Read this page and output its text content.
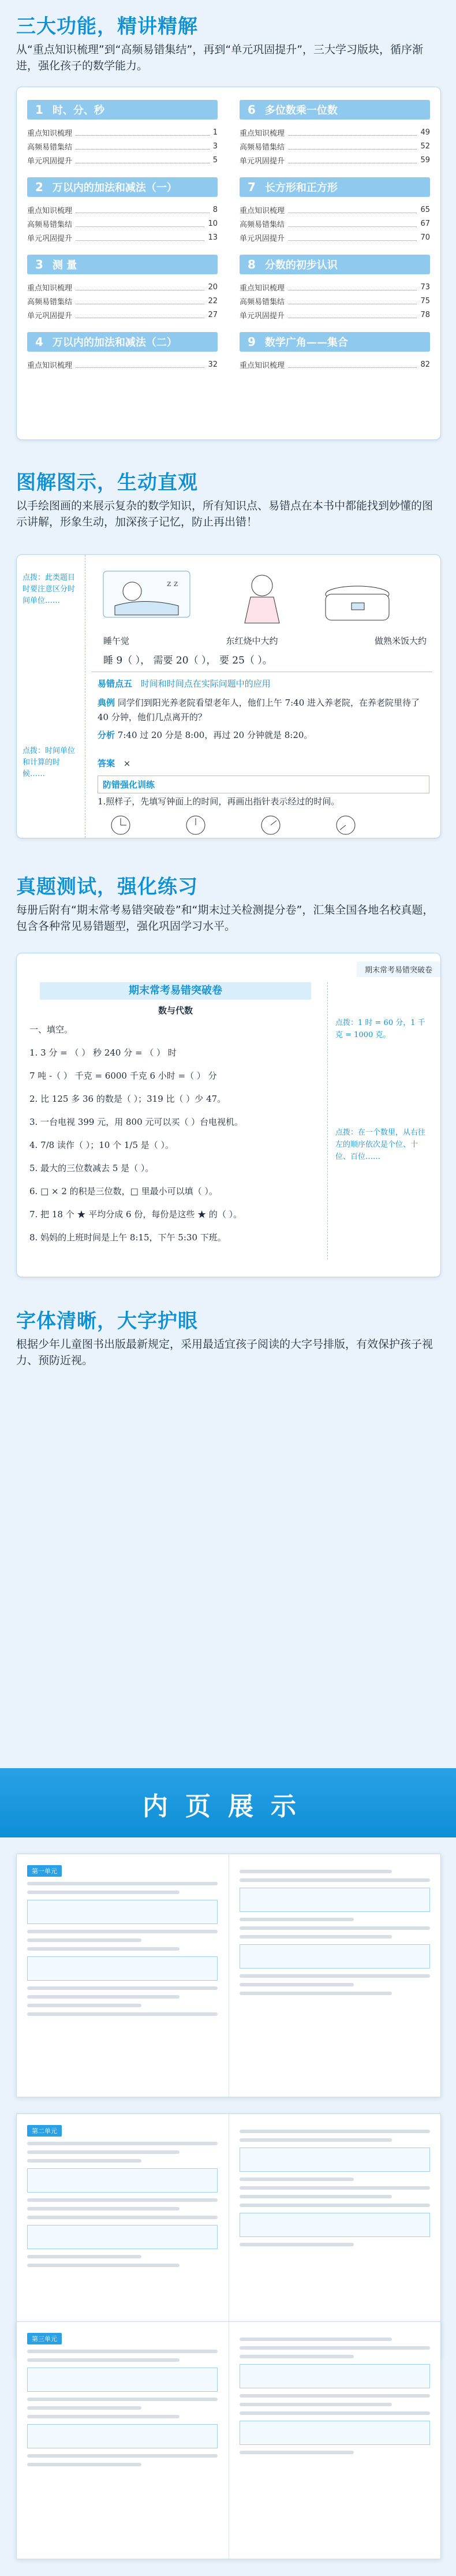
三大功能，精讲精解
从“重点知识梳理”到“高频易错集结”，再到“单元巩固提升”，三大学习版块，循序渐进，强化孩子的数学能力。
1 时、分、秒
重点知识梳理	1
高频易错集结	3
单元巩固提升	5
2 万以内的加法和减法（一）
重点知识梳理	8
高频易错集结	10
单元巩固提升	13
3 测 量
重点知识梳理	20
高频易错集结	22
单元巩固提升	27
4 万以内的加法和减法（二）
重点知识梳理	32
6 多位数乘一位数
重点知识梳理	49
高频易错集结	52
单元巩固提升	59
7 长方形和正方形
重点知识梳理	65
高频易错集结	67
单元巩固提升	70
8 分数的初步认识
重点知识梳理	73
高频易错集结	75
单元巩固提升	78
9 数学广角——集合
重点知识梳理	82
图解图示，生动直观
以手绘图画的来展示复杂的数学知识，所有知识点、易错点在本书中都能找到妙懂的图示讲解，形象生动，加深孩子记忆，防止再出错！
点拨：此类题目时要注意区分时间单位……
点拨：时间单位和计算的时候……
z z
睡午觉	东红烧中大约	做熟米饭大约
睡 9（ ）， 需要 20（ ）， 要 25（ ）。
易错点五 时间和时间点在实际问题中的应用
典例 同学们到阳光养老院看望老年人，他们上午 7:40 进入养老院，在养老院里待了 40 分钟，他们几点离开的？
分析 7:40 过 20 分是 8:00，再过 20 分钟就是 8:20。
答案 ×
防错强化训练
1.照样子，先填写钟面上的时间，再画出指针表示经过的时间。
真题测试，强化练习
每册后附有“期末常考易错突破卷”和“期末过关检测提分卷”，汇集全国各地名校真题，包含各种常见易错题型，强化巩固学习水平。
期末常考易错突破卷
期末常考易错突破卷
数与代数
一、填空。
1. 3 分 = （ ） 秒 240 分 = （ ） 时
7 吨 -（ ） 千克 = 6000 千克 6 小时 =（ ） 分
2. 比 125 多 36 的数是（ ）；319 比（ ）少 47。
3. 一台电视 399 元，用 800 元可以买（ ）台电视机。
4. 7/8 读作（ ）；10 个 1/5 是（ ）。
5. 最大的三位数减去 5 是（ ）。
6. □ × 2 的积是三位数，□ 里最小可以填（ ）。
7. 把 18 个 ★ 平均分成 6 份，每份是这些 ★ 的（ ）。
8. 妈妈的上班时间是上午 8:15，下午 5:30 下班。
点拨：1 时 = 60 分，1 千克 = 1000 克。
点拨：在一个数里，从右往左的顺序依次是个位、十位、百位……
字体清晰，大字护眼
根据少年儿童图书出版最新规定，采用最适宜孩子阅读的大字号排版，有效保护孩子视力、预防近视。
内页展示
第一单元
第二单元
第三单元
